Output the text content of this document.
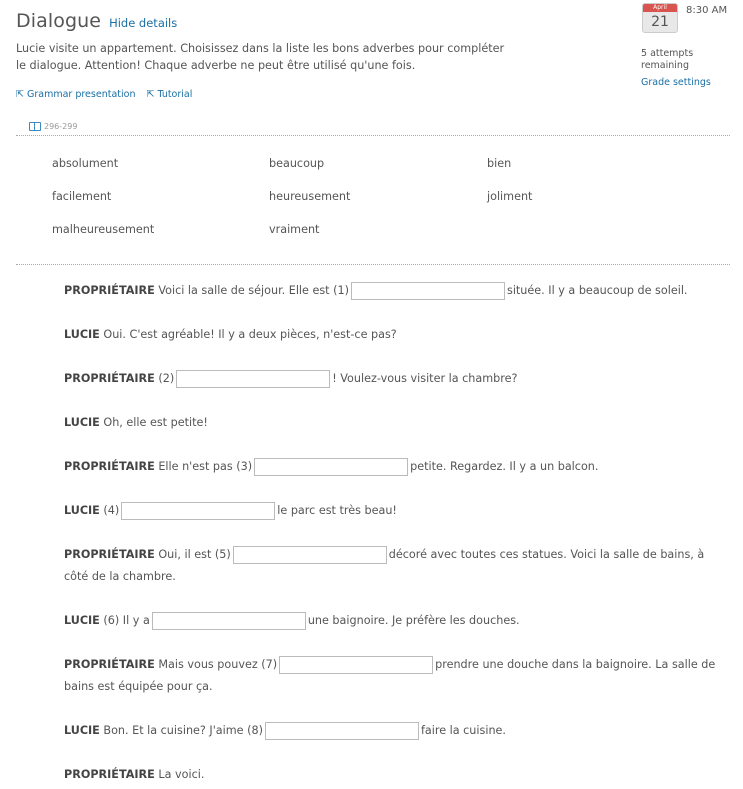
Dialogue Hide details
Lucie visite un appartement. Choisissez dans la liste les bons adverbes pour compléter le dialogue. Attention! Chaque adverbe ne peut être utilisé qu'une fois.
⇱ Grammar presentation ⇱ Tutorial
296-299
April
21
8:30 AM
5 attempts remaining
Grade settings
absolument	beaucoup	bien
facilement	heureusement	joliment
malheureusement	vraiment
PROPRIÉTAIRE Voici la salle de séjour. Elle est (1)	située. Il y a beaucoup de soleil.
LUCIE Oui. C'est agréable! Il y a deux pièces, n'est-ce pas?
PROPRIÉTAIRE (2)	! Voulez-vous visiter la chambre?
LUCIE Oh, elle est petite!
PROPRIÉTAIRE Elle n'est pas (3)	petite. Regardez. Il y a un balcon.
LUCIE (4)	le parc est très beau!
PROPRIÉTAIRE Oui, il est (5)	décoré avec toutes ces statues. Voici la salle de bains, à côté de la chambre.
LUCIE (6) Il y a	une baignoire. Je préfère les douches.
PROPRIÉTAIRE Mais vous pouvez (7)	prendre une douche dans la baignoire. La salle de bains est équipée pour ça.
LUCIE Bon. Et la cuisine? J'aime (8)	faire la cuisine.
PROPRIÉTAIRE La voici.
